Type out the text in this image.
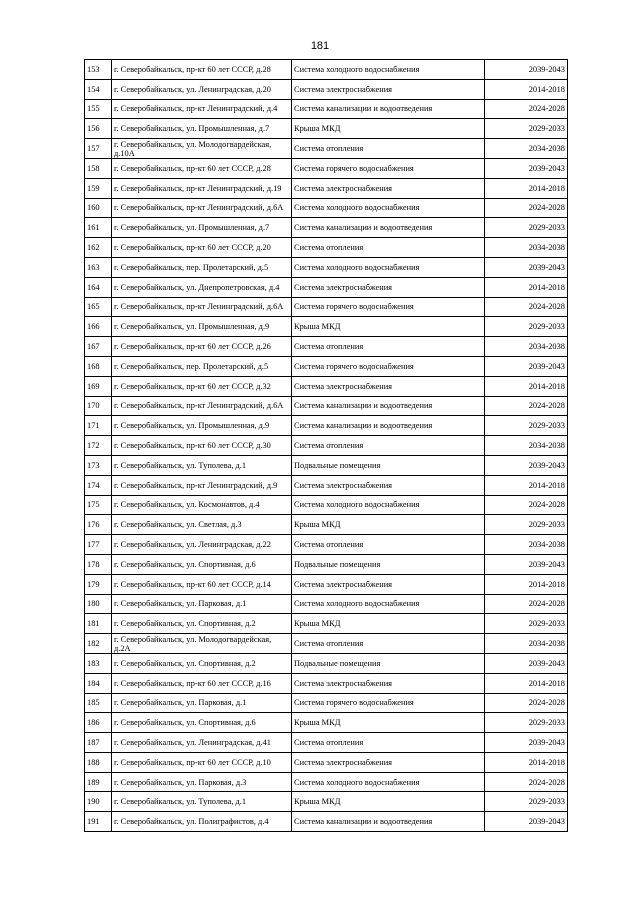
181
153	г. Северобайкальск, пр-кт 60 лет СССР, д.28	Система холодного водоснабжения	2039-2043
154	г. Северобайкальск, ул. Ленинградская, д.20	Система электроснабжения	2014-2018
155	г. Северобайкальск, пр-кт Ленинградский, д.4	Система канализации и водоотведения	2024-2028
156	г. Северобайкальск, ул. Промышленная, д.7	Крыша МКД	2029-2033
157	г. Северобайкальск, ул. Молодогвардейская, д.10А	Система отопления	2034-2038
158	г. Северобайкальск, пр-кт 60 лет СССР, д.28	Система горячего водоснабжения	2039-2043
159	г. Северобайкальск, пр-кт Ленинградский, д.19	Система электроснабжения	2014-2018
160	г. Северобайкальск, пр-кт Ленинградский, д.6А	Система холодного водоснабжения	2024-2028
161	г. Северобайкальск, ул. Промышленная, д.7	Система канализации и водоотведения	2029-2033
162	г. Северобайкальск, пр-кт 60 лет СССР, д.20	Система отопления	2034-2038
163	г. Северобайкальск, пер. Пролетарский, д.5	Система холодного водоснабжения	2039-2043
164	г. Северобайкальск, ул. Днепропетровская, д.4	Система электроснабжения	2014-2018
165	г. Северобайкальск, пр-кт Ленинградский, д.6А	Система горячего водоснабжения	2024-2028
166	г. Северобайкальск, ул. Промышленная, д.9	Крыша МКД	2029-2033
167	г. Северобайкальск, пр-кт 60 лет СССР, д.26	Система отопления	2034-2038
168	г. Северобайкальск, пер. Пролетарский, д.5	Система горячего водоснабжения	2039-2043
169	г. Северобайкальск, пр-кт 60 лет СССР, д.32	Система электроснабжения	2014-2018
170	г. Северобайкальск, пр-кт Ленинградский, д.6А	Система канализации и водоотведения	2024-2028
171	г. Северобайкальск, ул. Промышленная, д.9	Система канализации и водоотведения	2029-2033
172	г. Северобайкальск, пр-кт 60 лет СССР, д.30	Система отопления	2034-2038
173	г. Северобайкальск, ул. Туполева, д.1	Подвальные помещения	2039-2043
174	г. Северобайкальск, пр-кт Ленинградский, д.9	Система электроснабжения	2014-2018
175	г. Северобайкальск, ул. Космонавтов, д.4	Система холодного водоснабжения	2024-2028
176	г. Северобайкальск, ул. Светлая, д.3	Крыша МКД	2029-2033
177	г. Северобайкальск, ул. Ленинградская, д.22	Система отопления	2034-2038
178	г. Северобайкальск, ул. Спортивная, д.6	Подвальные помещения	2039-2043
179	г. Северобайкальск, пр-кт 60 лет СССР, д.14	Система электроснабжения	2014-2018
180	г. Северобайкальск, ул. Парковая, д.1	Система холодного водоснабжения	2024-2028
181	г. Северобайкальск, ул. Спортивная, д.2	Крыша МКД	2029-2033
182	г. Северобайкальск, ул. Молодогвардейская, д.2А	Система отопления	2034-2038
183	г. Северобайкальск, ул. Спортивная, д.2	Подвальные помещения	2039-2043
184	г. Северобайкальск, пр-кт 60 лет СССР, д.16	Система электроснабжения	2014-2018
185	г. Северобайкальск, ул. Парковая, д.1	Система горячего водоснабжения	2024-2028
186	г. Северобайкальск, ул. Спортивная, д.6	Крыша МКД	2029-2033
187	г. Северобайкальск, ул. Ленинградская, д.41	Система отопления	2039-2043
188	г. Северобайкальск, пр-кт 60 лет СССР, д.10	Система электроснабжения	2014-2018
189	г. Северобайкальск, ул. Парковая, д.3	Система холодного водоснабжения	2024-2028
190	г. Северобайкальск, ул. Туполева, д.1	Крыша МКД	2029-2033
191	г. Северобайкальск, ул. Полиграфистов, д.4	Система канализации и водоотведения	2039-2043
